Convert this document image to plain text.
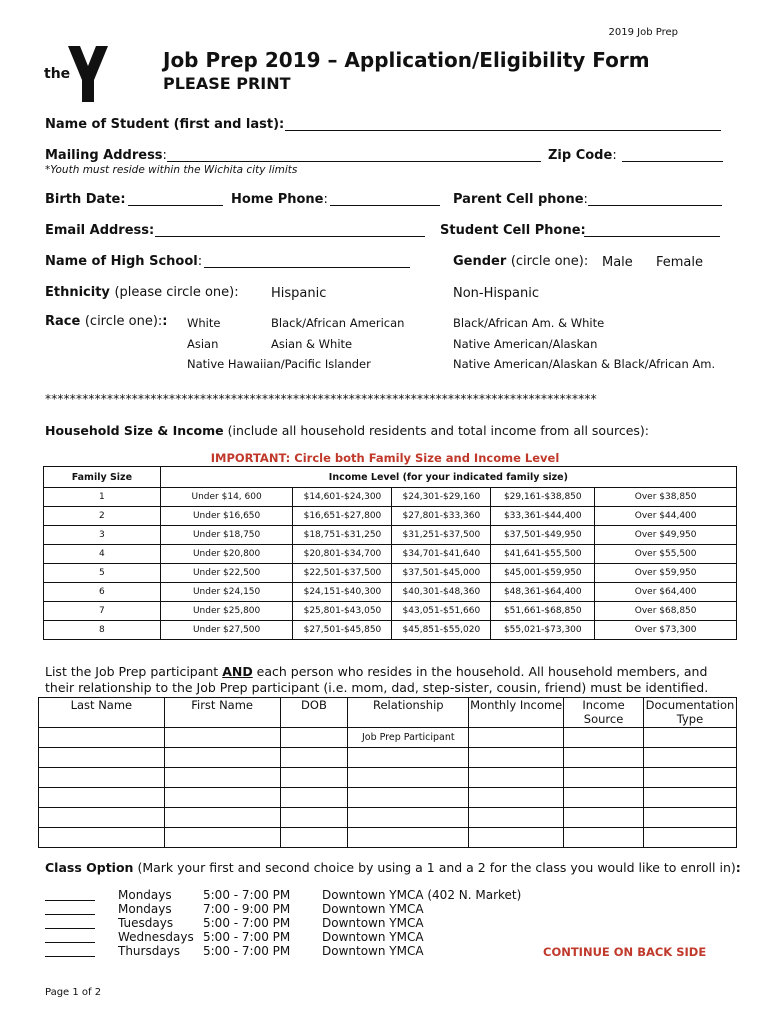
2019 Job Prep
the
Job Prep 2019 – Application/Eligibility Form
PLEASE PRINT
Name of Student (first and last):
Mailing Address:	Zip Code:
*Youth must reside within the Wichita city limits
Birth Date:	Home Phone:	Parent Cell phone:
Email Address:	Student Cell Phone:
Name of High School:	Gender (circle one): Male Female
Ethnicity (please circle one): Hispanic	Non-Hispanic
Race (circle one):: White	Black/African American	Black/African Am. & White
Asian	Asian & White	Native American/Alaskan
Native Hawaiian/Pacific Islander	Native American/Alaskan & Black/African Am.
*****************************************************************************************
Household Size & Income (include all household residents and total income from all sources):
IMPORTANT: Circle both Family Size and Income Level
Family Size	Income Level (for your indicated family size)				
1	Under $14, 600	$14,601-$24,300	$24,301-$29,160	$29,161-$38,850	Over $38,850
2	Under $16,650	$16,651-$27,800	$27,801-$33,360	$33,361-$44,400	Over $44,400
3	Under $18,750	$18,751-$31,250	$31,251-$37,500	$37,501-$49,950	Over $49,950
4	Under $20,800	$20,801-$34,700	$34,701-$41,640	$41,641-$55,500	Over $55,500
5	Under $22,500	$22,501-$37,500	$37,501-$45,000	$45,001-$59,950	Over $59,950
6	Under $24,150	$24,151-$40,300	$40,301-$48,360	$48,361-$64,400	Over $64,400
7	Under $25,800	$25,801-$43,050	$43,051-$51,660	$51,661-$68,850	Over $68,850
8	Under $27,500	$27,501-$45,850	$45,851-$55,020	$55,021-$73,300	Over $73,300
List the Job Prep participant AND each person who resides in the household. All household members, and their relationship to the Job Prep participant (i.e. mom, dad, step-sister, cousin, friend) must be identified.
Last Name	First Name	DOB	Relationship	Monthly Income	Income Source	Documentation Type
			Job Prep Participant			

Class Option (Mark your first and second choice by using a 1 and a 2 for the class you would like to enroll in):
Mondays	5:00 - 7:00 PM	Downtown YMCA (402 N. Market)
Mondays	7:00 - 9:00 PM	Downtown YMCA
Tuesdays 5:00 - 7:00 PM	Downtown YMCA
Wednesdays 5:00 - 7:00 PM	Downtown YMCA
Thursdays 5:00 - 7:00 PM	Downtown YMCA	CONTINUE ON BACK SIDE
Page 1 of 2
